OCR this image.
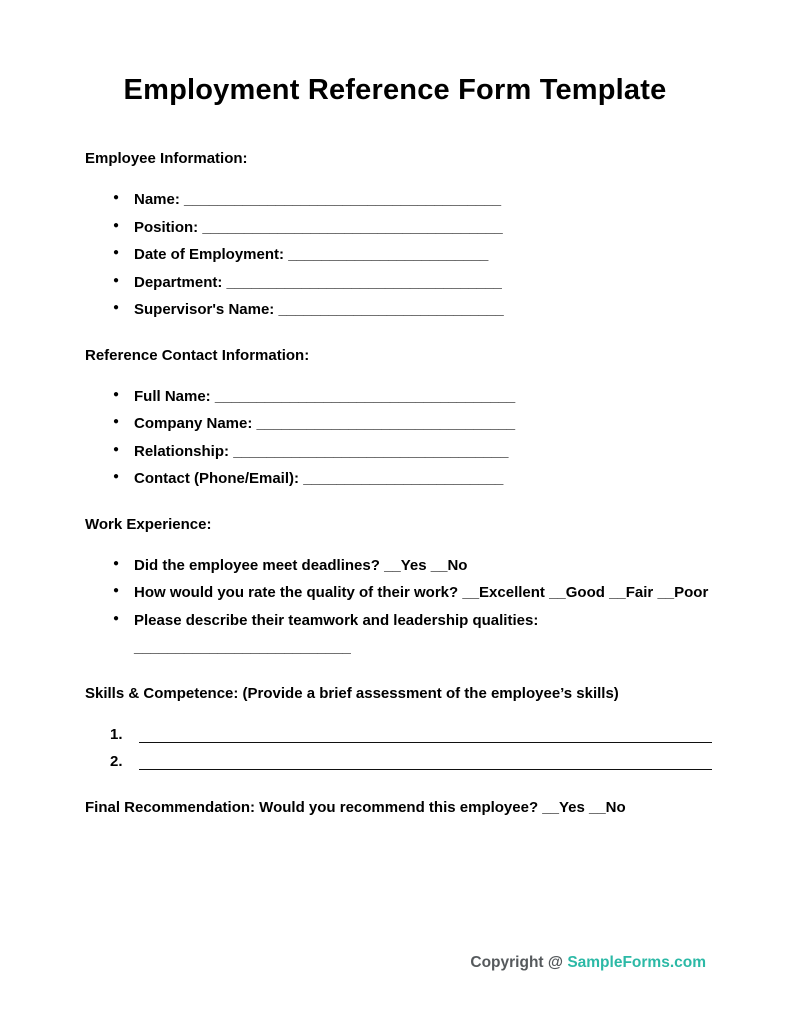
Employment Reference Form Template

Employee Information:

● Name: ______________________________________
● Position: ____________________________________
● Date of Employment: ________________________
● Department: _________________________________
● Supervisor's Name: ___________________________

Reference Contact Information:

● Full Name: ____________________________________
● Company Name: _______________________________
● Relationship: _________________________________
● Contact (Phone/Email): ________________________

Work Experience:

● Did the employee meet deadlines? __Yes __No
● How would you rate the quality of their work? __Excellent __Good __Fair __Poor
● Please describe their teamwork and leadership qualities: __________________________

Skills & Competence: (Provide a brief assessment of the employee’s skills)

1.
2.

Final Recommendation: Would you recommend this employee? __Yes __No

Copyright @ SampleForms.com
